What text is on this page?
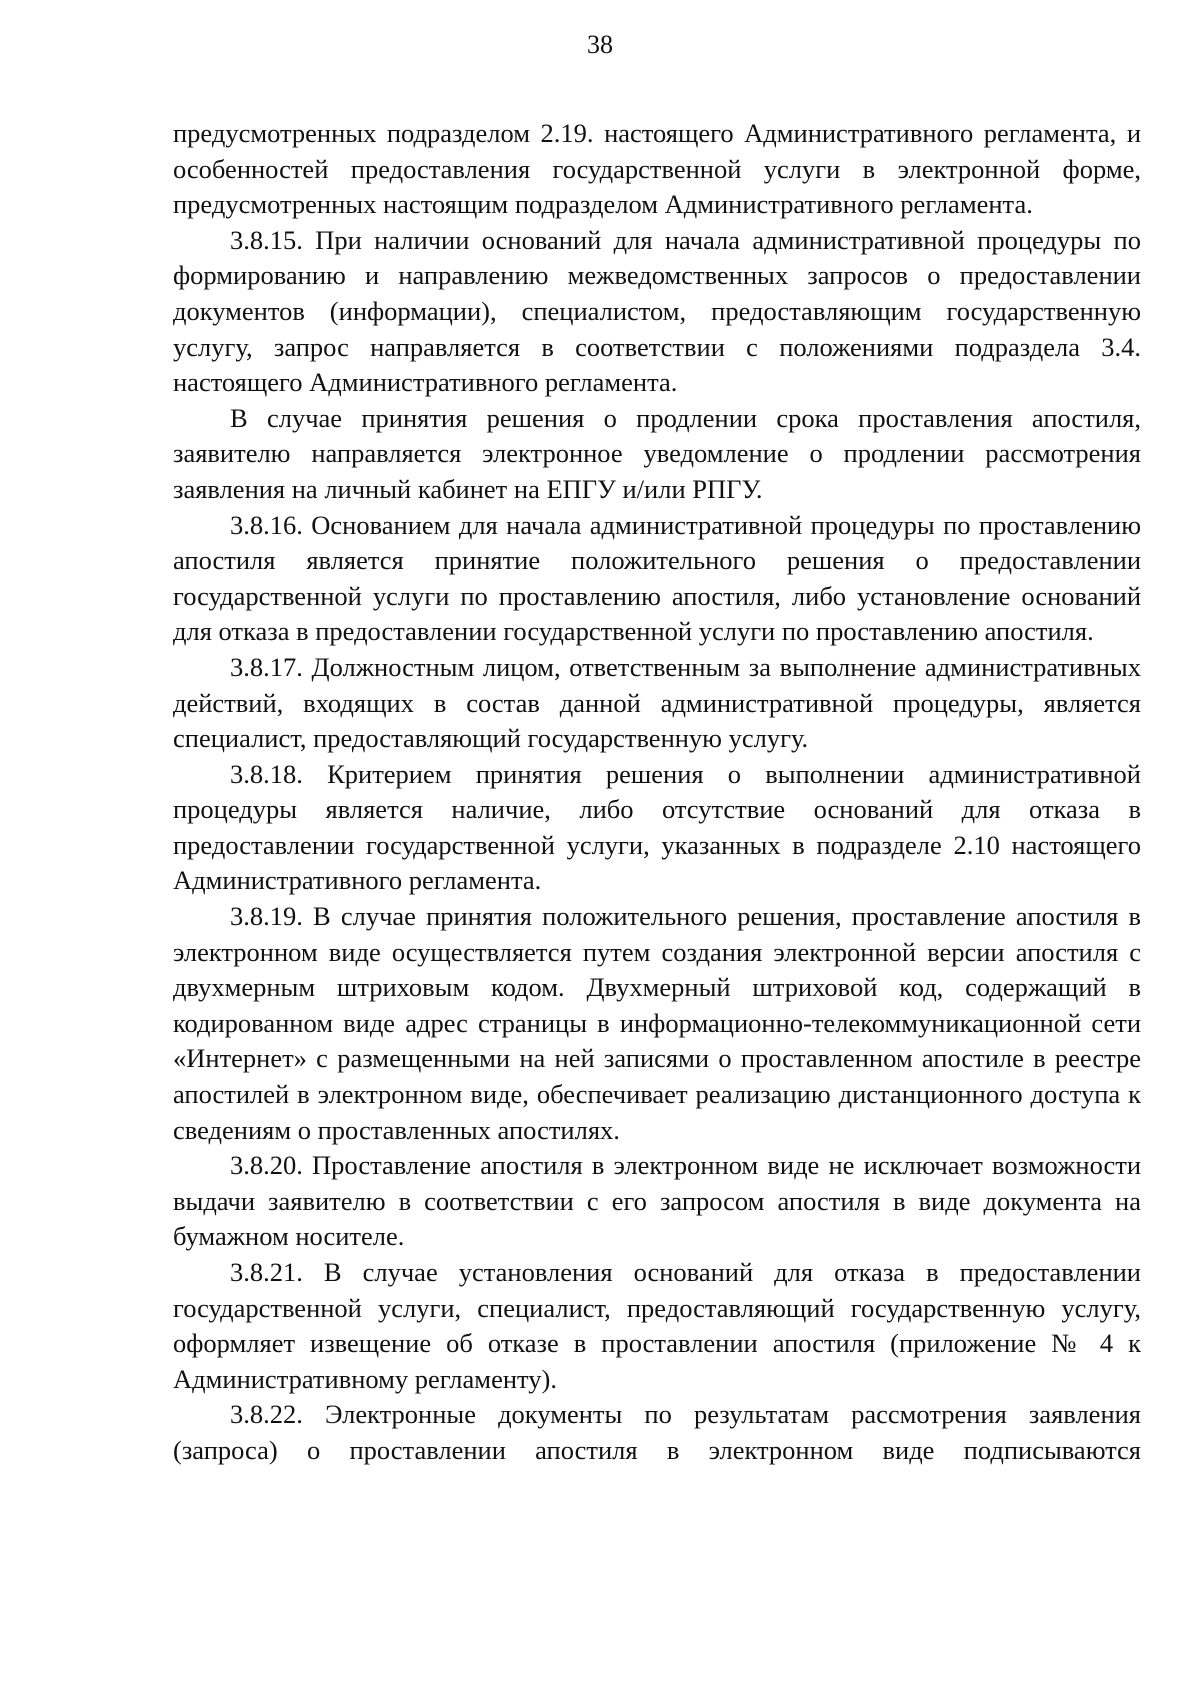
38

предусмотренных подразделом 2.19. настоящего Административного регламента, и особенностей предоставления государственной услуги в электронной форме, предусмотренных настоящим подразделом Административного регламента.

3.8.15. При наличии оснований для начала административной процедуры по формированию и направлению межведомственных запросов о предоставлении документов (информации), специалистом, предоставляющим государственную услугу, запрос направляется в соответствии с положениями подраздела 3.4. настоящего Административного регламента.

В случае принятия решения о продлении срока проставления апостиля, заявителю направляется электронное уведомление о продлении рассмотрения заявления на личный кабинет на ЕПГУ и/или РПГУ.

3.8.16. Основанием для начала административной процедуры по проставлению апостиля является принятие положительного решения о предоставлении государственной услуги по проставлению апостиля, либо установление оснований для отказа в предоставлении государственной услуги по проставлению апостиля.

3.8.17. Должностным лицом, ответственным за выполнение административных действий, входящих в состав данной административной процедуры, является специалист, предоставляющий государственную услугу.

3.8.18. Критерием принятия решения о выполнении административной процедуры является наличие, либо отсутствие оснований для отказа в предоставлении государственной услуги, указанных в подразделе 2.10 настоящего Административного регламента.

3.8.19. В случае принятия положительного решения, проставление апостиля в электронном виде осуществляется путем создания электронной версии апостиля с двухмерным штриховым кодом. Двухмерный штриховой код, содержащий в кодированном виде адрес страницы в информационно-телекоммуникационной сети «Интернет» с размещенными на ней записями о проставленном апостиле в реестре апостилей в электронном виде, обеспечивает реализацию дистанционного доступа к сведениям о проставленных апостилях.

3.8.20. Проставление апостиля в электронном виде не исключает возможности выдачи заявителю в соответствии с его запросом апостиля в виде документа на бумажном носителе.

3.8.21. В случае установления оснований для отказа в предоставлении государственной услуги, специалист, предоставляющий государственную услугу, оформляет извещение об отказе в проставлении апостиля (приложение № 4 к Административному регламенту).

3.8.22. Электронные документы по результатам рассмотрения заявления (запроса) о проставлении апостиля в электронном виде подписываются
